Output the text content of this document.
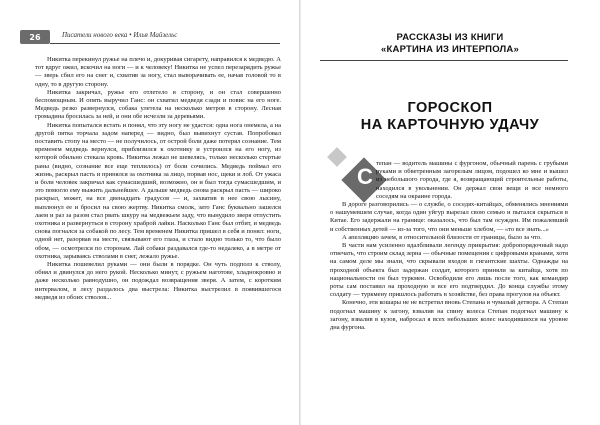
26	Писатели нового века • Илья Майзельс

Никитка перекинул ружье на плечо и, докуривая сигарету, направился к медведю. А тот вдруг ожил, вскочил на ноги — и к человеку! Никитка не успел перезарядить ружье — зверь сбил его на снег и, схватив за ногу, стал выворачивать ее, начав головой то в одну, то в другую сторону.

Никитка закричал, ружье его отлетело в сторону, и он стал совершенно беспомощным. И опять выручил Ганс: он схватил медведя сзади и повис на его ноге. Медведь резко развернулся, собака улетела на несколько метров в сторону. Лесная громадина бросилась за ней, и они обе исчезли за деревьями.

Никитка попытался встать и понял, что эту ногу не удастся: одна нога онемела, а на другой пятка торчала задом наперед — видно, был вывихнут сустав. Попробовал поставить стопу на место — не получилось, от острой боли даже потерял сознание. Тем временем медведь вернулся, приблизился к охотнику и устроился на его ногу, из которой обильно стекала кровь. Никитка лежал не шевелясь, только несколько стертые раны (видно, сознание все еще теплилось) от боли сочились. Медведь поймал его жизнь, раскрыл пасть и принялся за охотника за лицо, порвав нос, щеки и лоб. От ужаса и боли человек закричал как сумасшедший, возможно, он и был тогда сумасшедшим, и это помогло ему выжить дальнейшее. А дальше медведь снова раскрыл пасть — широко раскрыл, может, на все двенадцать градусов — и, захватив в нее свою лысину, выплюнул ее и бросил на свою жертву. Никитка смолк, зато Ганс буквально зашелся лаем и раз за разом стал рвать шкуру на медвежьем заду, что вынудило зверя отпустить охотника и развернуться в сторону храброй лайки. Насколько Ганс был отбит, и медведь снова погнался за собакой по лесу. Тем временем Никитка пришел в себя и понял: ноги, одной нет, разорвав на месте, связывают его глаза, и стало видно только то, что было обом, — осмотрелся по сторонам. Лай собаки раздавался где-то недалеко, а в метре от охотника, зарываясь стволами в снег, лежало ружье.

Никитка пошевелил руками — они были в порядке. Он чуть подполз к стволу, обнял и двинулся до него рукой. Несколько минут, с ружьем наготове, хладнокровно и даже несколько равнодушно, он подождал возвращения зверя. А затем, с коротким интервалом, в лесу раздалось два выстрела: Никитка выстрелил в появившегося медведя из обоих стволов...

РАССКАЗЫ ИЗ КНИГИ
«КАРТИНА ИЗ ИНТЕРПОЛА»
ГОРОСКОП
НА КАРТОЧНУЮ УДАЧУ
С

тепан — водитель машины с фургоном, обычный парень с грубыми руками и обветренным загорелым лицом, подошел ко мне и вышел из небольшого города, где я, возвращающий строительные работы, находился в увольнении. Он держал свои вещи и все немного соседям на окраине города.

В дороге разговорились — о службе, о соседях-китайцах, обменялись мнениями о нашумевшем случае, когда один уйгур вырезал свою семью и пытался скрыться в Китае. Его задержали на границе: оказалось, что был там осужден. Им пожалевший и собственных детей — из-за того, что они меньше хлебом, — «то все знать...»

А апелляцию зачем, в относительной близости от границы, было за что.

В части нам усиленно вдалбливали легенду прикрытия: добропорядочный надо отвечать, что строим склад зерна — обычные помещения с цифровыми кранами, хотя на самом деле мы знали, что скрывали входов в гигантские шахты. Однажды на проходной объекта был задержан солдат, которого приняли за китайца, хотя по национальности он был туркмен. Освободили его лишь после того, как командир роты сам поставил на проходную и все его подтвердил. До конца службы этому солдату — туркмену пришлось работать в хозяйстве, без права прогулов на объект.

Конечно, эти кошары не не встретил вновь Степана и чумазый детвора. А Степан подогнал машину к загону, взвалив на спину колеса Степан подогнал машину к загону, взвалив в кузов, набросал я всех небольших колес находившихся на уровне дна фургона.
